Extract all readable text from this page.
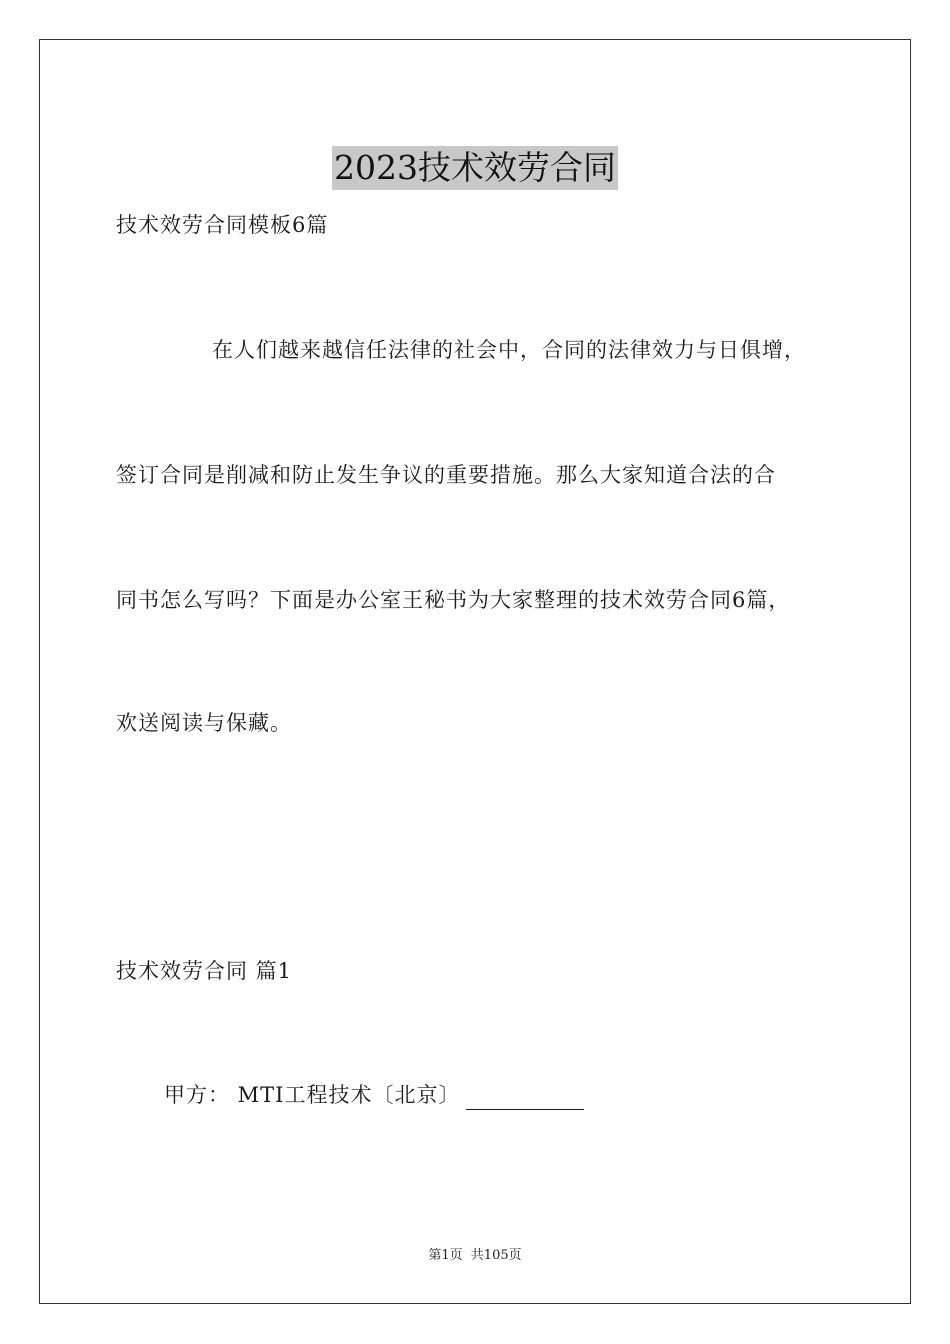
2023技术效劳合同
技术效劳合同模板6篇
在人们越来越信任法律的社会中，合同的法律效力与日俱增，
签订合同是削减和防止发生争议的重要措施。那么大家知道合法的合
同书怎么写吗？下面是办公室王秘书为大家整理的技术效劳合同6篇，
欢送阅读与保藏。
技术效劳合同 篇1
甲方： MTI工程技术〔北京〕
第1页 共105页
